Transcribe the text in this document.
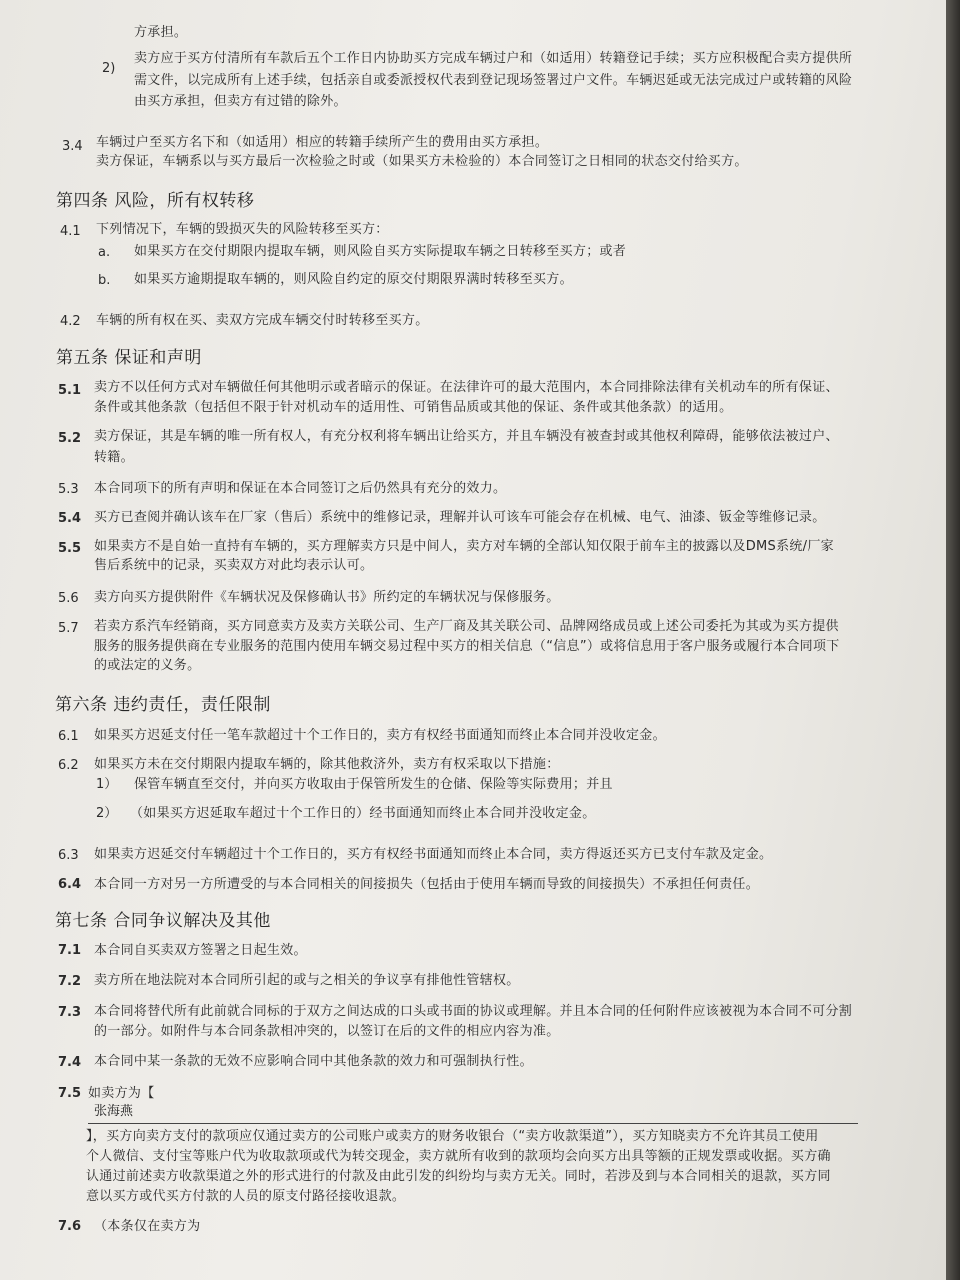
方承担。
2)
卖方应于买方付清所有车款后五个工作日内协助买方完成车辆过户和（如适用）转籍登记手续；买方应积极配合卖方提供所
需文件，以完成所有上述手续，包括亲自或委派授权代表到登记现场签署过户文件。车辆迟延或无法完成过户或转籍的风险
由买方承担，但卖方有过错的除外。
3.4 车辆过户至买方名下和（如适用）相应的转籍手续所产生的费用由买方承担。
卖方保证，车辆系以与买方最后一次检验之时或（如果买方未检验的）本合同签订之日相同的状态交付给买方。
第四条 风险，所有权转移
4.1 下列情况下，车辆的毁损灭失的风险转移至买方：
a. 如果买方在交付期限内提取车辆，则风险自买方实际提取车辆之日转移至买方；或者
b. 如果买方逾期提取车辆的，则风险自约定的原交付期限界满时转移至买方。
4.2 车辆的所有权在买、卖双方完成车辆交付时转移至买方。
第五条 保证和声明
5.1 卖方不以任何方式对车辆做任何其他明示或者暗示的保证。在法律许可的最大范围内，本合同排除法律有关机动车的所有保证、
条件或其他条款（包括但不限于针对机动车的适用性、可销售品质或其他的保证、条件或其他条款）的适用。
5.2 卖方保证，其是车辆的唯一所有权人，有充分权利将车辆出让给买方，并且车辆没有被查封或其他权利障碍，能够依法被过户、
转籍。
5.3 本合同项下的所有声明和保证在本合同签订之后仍然具有充分的效力。
5.4 买方已查阅并确认该车在厂家（售后）系统中的维修记录，理解并认可该车可能会存在机械、电气、油漆、钣金等维修记录。
5.5 如果卖方不是自始一直持有车辆的，买方理解卖方只是中间人，卖方对车辆的全部认知仅限于前车主的披露以及DMS系统/厂家
售后系统中的记录，买卖双方对此均表示认可。
5.6 卖方向买方提供附件《车辆状况及保修确认书》所约定的车辆状况与保修服务。
5.7 若卖方系汽车经销商，买方同意卖方及卖方关联公司、生产厂商及其关联公司、品牌网络成员或上述公司委托为其或为买方提供
服务的服务提供商在专业服务的范围内使用车辆交易过程中买方的相关信息（“信息”）或将信息用于客户服务或履行本合同项下
的或法定的义务。
第六条 违约责任，责任限制
6.1 如果买方迟延支付任一笔车款超过十个工作日的，卖方有权经书面通知而终止本合同并没收定金。
6.2 如果买方未在交付期限内提取车辆的，除其他救济外，卖方有权采取以下措施：
1） 保管车辆直至交付，并向买方收取由于保管所发生的仓储、保险等实际费用；并且
2） （如果买方迟延取车超过十个工作日的）经书面通知而终止本合同并没收定金。
6.3 如果卖方迟延交付车辆超过十个工作日的，买方有权经书面通知而终止本合同，卖方得返还买方已支付车款及定金。
6.4 本合同一方对另一方所遭受的与本合同相关的间接损失（包括由于使用车辆而导致的间接损失）不承担任何责任。
第七条 合同争议解决及其他
7.1 本合同自买卖双方签署之日起生效。
7.2 卖方所在地法院对本合同所引起的或与之相关的争议享有排他性管辖权。
7.3 本合同将替代所有此前就合同标的于双方之间达成的口头或书面的协议或理解。并且本合同的任何附件应该被视为本合同不可分割
的一部分。如附件与本合同条款相冲突的，以签订在后的文件的相应内容为准。
7.4 本合同中某一条款的无效不应影响合同中其他条款的效力和可强制执行性。
7.5 如卖方为【
张海燕
】，买方向卖方支付的款项应仅通过卖方的公司账户或卖方的财务收银台（“卖方收款渠道”），买方知晓卖方不允许其员工使用
个人微信、支付宝等账户代为收取款项或代为转交现金，卖方就所有收到的款项均会向买方出具等额的正规发票或收据。买方确
认通过前述卖方收款渠道之外的形式进行的付款及由此引发的纠纷均与卖方无关。同时，若涉及到与本合同相关的退款，买方同
意以买方或代买方付款的人员的原支付路径接收退款。
7.6 （本条仅在卖方为
